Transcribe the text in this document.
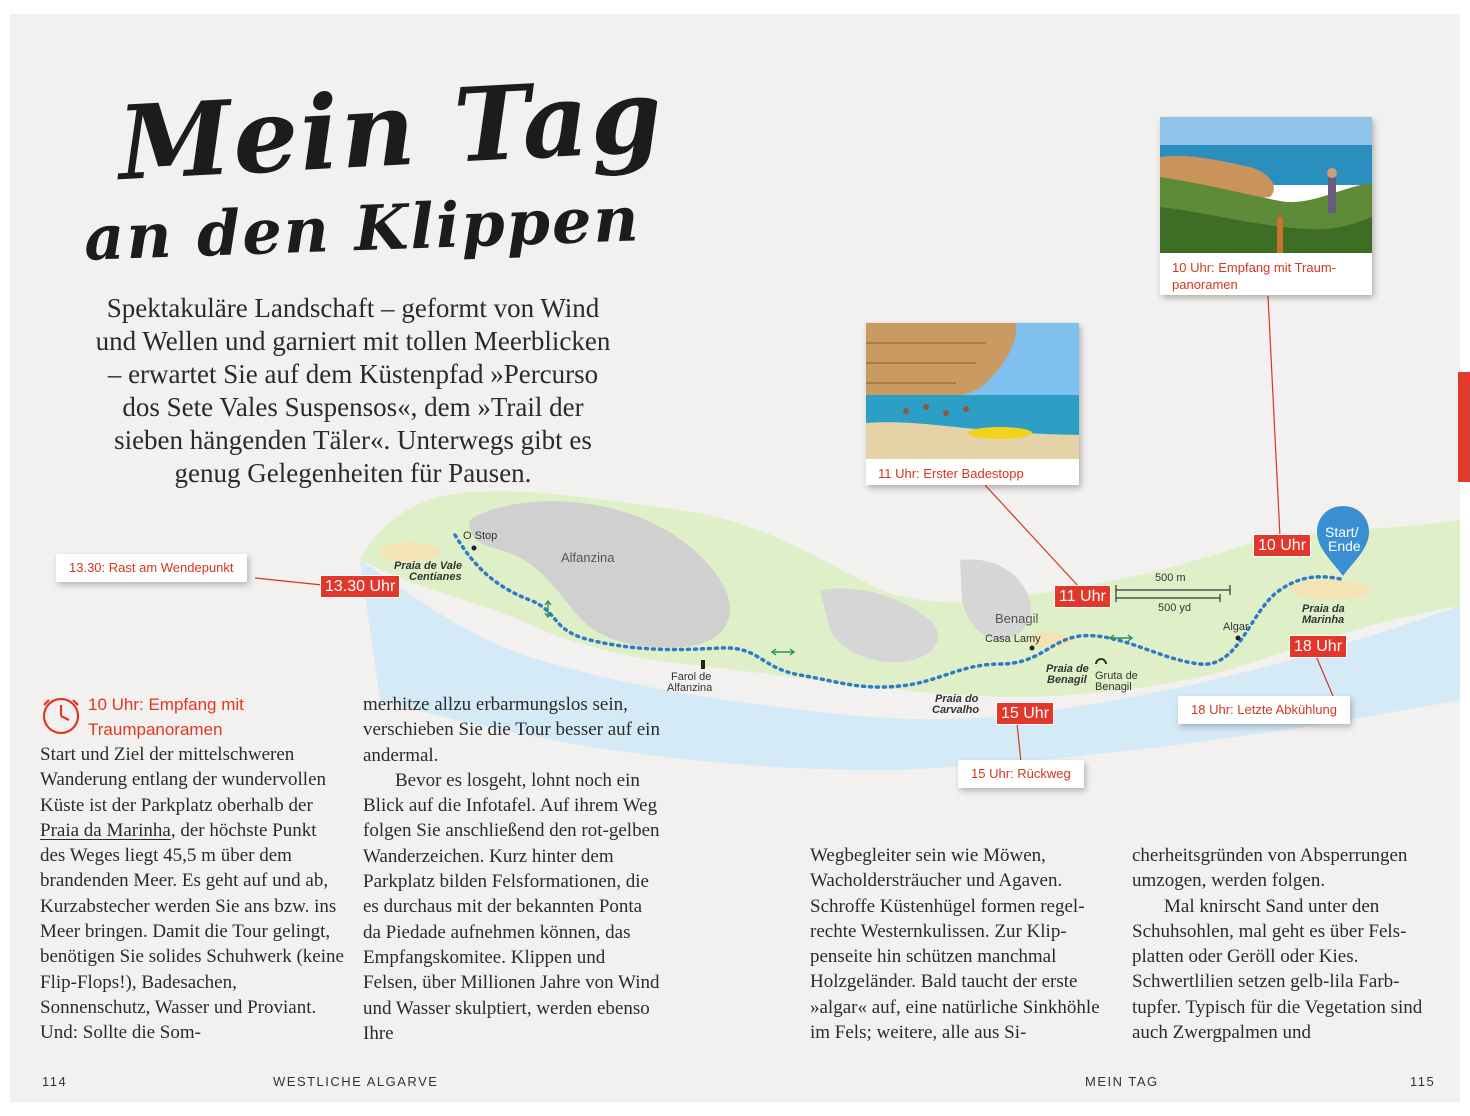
Mein Tag
an den Klippen
Spektakuläre Landschaft – geformt von Wind und Wellen und garniert mit tollen Meerblicken – erwartet Sie auf dem Küstenpfad »Percurso dos Sete Vales Suspensos«, dem »Trail der sieben hängenden Täler«. Unterwegs gibt es genug Gelegenheiten für Pausen.
O Stop
Alfanzina
Praia de Vale
Centianes
Farol de
Alfanzina
Praia do
Carvalho
Benagil
Casa Lamy
Praia de
Benagil Gruta de
Benagil
Algar
Praia da
Marinha
500 m
500 yd
Start/
Ende
13.30 Uhr
11 Uhr
10 Uhr
18 Uhr
15 Uhr
13.30: Rast am Wendepunkt
18 Uhr: Letzte Abkühlung
15 Uhr: Rückweg
10 Uhr: Empfang mit Traum-
panoramen
11 Uhr: Erster Badestopp
10 Uhr: Empfang mit
Traumpanoramen

Start und Ziel der mittelschweren Wanderung entlang der wundervollen Küste ist der Parkplatz oberhalb der Praia da Marinha, der höchste Punkt des Weges liegt 45,5 m über dem brandenden Meer. Es geht auf und ab, Kurzabstecher werden Sie ans bzw. ins Meer bringen. Damit die Tour gelingt, benötigen Sie solides Schuhwerk (keine Flip-Flops!), Badesachen, Sonnenschutz, Wasser und Proviant. Und: Sollte die Som-

merhitze allzu erbarmungslos sein, verschieben Sie die Tour besser auf ein andermal.

Bevor es losgeht, lohnt noch ein Blick auf die Infotafel. Auf ihrem Weg folgen Sie anschließend den rot-gelben Wanderzeichen. Kurz hinter dem Parkplatz bilden Felsformationen, die es durchaus mit der bekannten Ponta da Piedade aufnehmen können, das Empfangskomitee. Klippen und Felsen, über Millionen Jahre von Wind und Wasser skulptiert, werden ebenso Ihre

Wegbegleiter sein wie Möwen, Wacholdersträucher und Agaven. Schroffe Küstenhügel formen regelrechte Westernkulissen. Zur Klippenseite hin schützen manchmal Holzgeländer. Bald taucht der erste »algar« auf, eine natürliche Sinkhöhle im Fels; weitere, alle aus Si-

cherheitsgründen von Absperrungen umzogen, werden folgen.

Mal knirscht Sand unter den Schuhsohlen, mal geht es über Felsplatten oder Geröll oder Kies. Schwertlilien setzen gelb-lila Farbtupfer. Typisch für die Vegetation sind auch Zwergpalmen und

114	WESTLICHE ALGARVE	MEIN TAG	115
